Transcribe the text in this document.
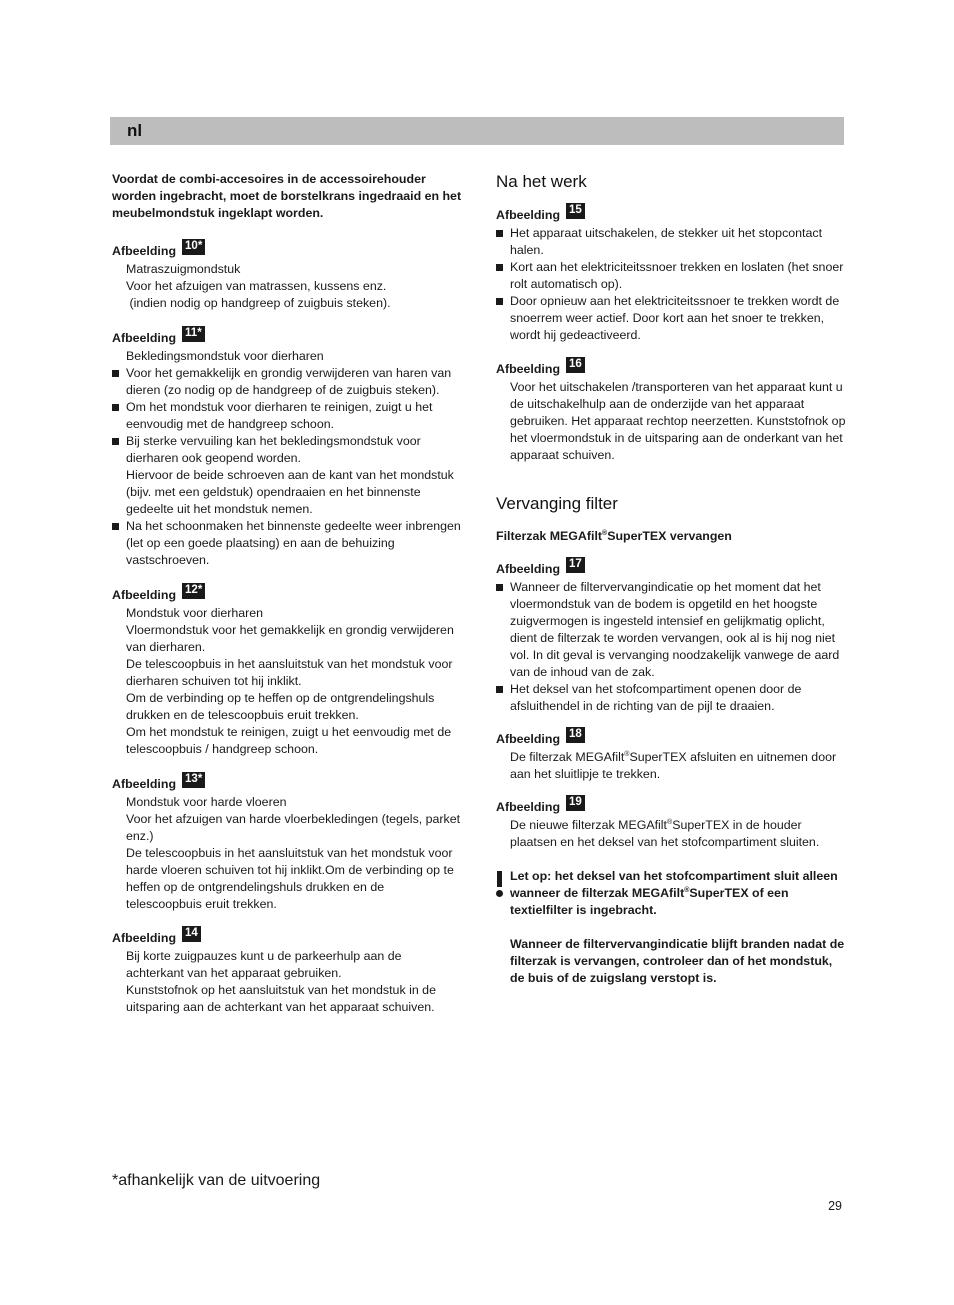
nl

Voordat de combi-accesoires in de accessoirehouder worden ingebracht, moet de borstelkrans ingedraaid en het meubelmondstuk ingeklapt worden.

Afbeelding 10*
Matraszuigmondstuk
Voor het afzuigen van matrassen, kussens enz.
(indien nodig op handgreep of zuigbuis steken).
Afbeelding 11*
Bekledingsmondstuk voor dierharen
Voor het gemakkelijk en grondig verwijderen van haren van dieren (zo nodig op de handgreep of de zuigbuis steken).
Om het mondstuk voor dierharen te reinigen, zuigt u het eenvoudig met de handgreep schoon.
Bij sterke vervuiling kan het bekledingsmondstuk voor dierharen ook geopend worden.
Hiervoor de beide schroeven aan de kant van het mondstuk (bijv. met een geldstuk) opendraaien en het binnenste gedeelte uit het mondstuk nemen.
Na het schoonmaken het binnenste gedeelte weer inbrengen (let op een goede plaatsing) en aan de behuizing vastschroeven.
Afbeelding 12*
Mondstuk voor dierharen
Vloermondstuk voor het gemakkelijk en grondig verwijderen van dierharen.
De telescoopbuis in het aansluitstuk van het mondstuk voor dierharen schuiven tot hij inklikt.
Om de verbinding op te heffen op de ontgrendelingshuls drukken en de telescoopbuis eruit trekken.
Om het mondstuk te reinigen, zuigt u het eenvoudig met de telescoopbuis / handgreep schoon.
Afbeelding 13*
Mondstuk voor harde vloeren
Voor het afzuigen van harde vloerbekledingen (tegels, parket enz.)
De telescoopbuis in het aansluitstuk van het mondstuk voor harde vloeren schuiven tot hij inklikt.Om de verbinding op te heffen op de ontgrendelingshuls drukken en de telescoopbuis eruit trekken.
Afbeelding 14
Bij korte zuigpauzes kunt u de parkeerhulp aan de achterkant van het apparaat gebruiken.
Kunststofnok op het aansluitstuk van het mondstuk in de uitsparing aan de achterkant van het apparaat schuiven.
Na het werk
Afbeelding 15
Het apparaat uitschakelen, de stekker uit het stopcontact halen.
Kort aan het elektriciteitssnoer trekken en loslaten (het snoer rolt automatisch op).
Door opnieuw aan het elektriciteitssnoer te trekken wordt de snoerrem weer actief. Door kort aan het snoer te trekken, wordt hij gedeactiveerd.
Afbeelding 16
Voor het uitschakelen /transporteren van het apparaat kunt u de uitschakelhulp aan de onderzijde van het apparaat gebruiken. Het apparaat rechtop neerzetten. Kunststofnok op het vloermondstuk in de uitsparing aan de onderkant van het apparaat schuiven.
Vervanging filter

Filterzak MEGAfilt®SuperTEX vervangen

Afbeelding 17
Wanneer de filtervervangindicatie op het moment dat het vloermondstuk van de bodem is opgetild en het hoogste zuigvermogen is ingesteld intensief en gelijkmatig oplicht, dient de filterzak te worden vervangen, ook al is hij nog niet vol. In dit geval is vervanging noodzakelijk vanwege de aard van de inhoud van de zak.
Het deksel van het stofcompartiment openen door de afsluithendel in de richting van de pijl te draaien.
Afbeelding 18
De filterzak MEGAfilt®SuperTEX afsluiten en uitnemen door aan het sluitlipje te trekken.
Afbeelding 19
De nieuwe filterzak MEGAfilt®SuperTEX in de houder plaatsen en het deksel van het stofcompartiment sluiten.
Let op: het deksel van het stofcompartiment sluit alleen wanneer de filterzak MEGAfilt®SuperTEX of een textielfilter is ingebracht.
Wanneer de filtervervangindicatie blijft branden nadat de filterzak is vervangen, controleer dan of het mondstuk, de buis of de zuigslang verstopt is.
*afhankelijk van de uitvoering
29
